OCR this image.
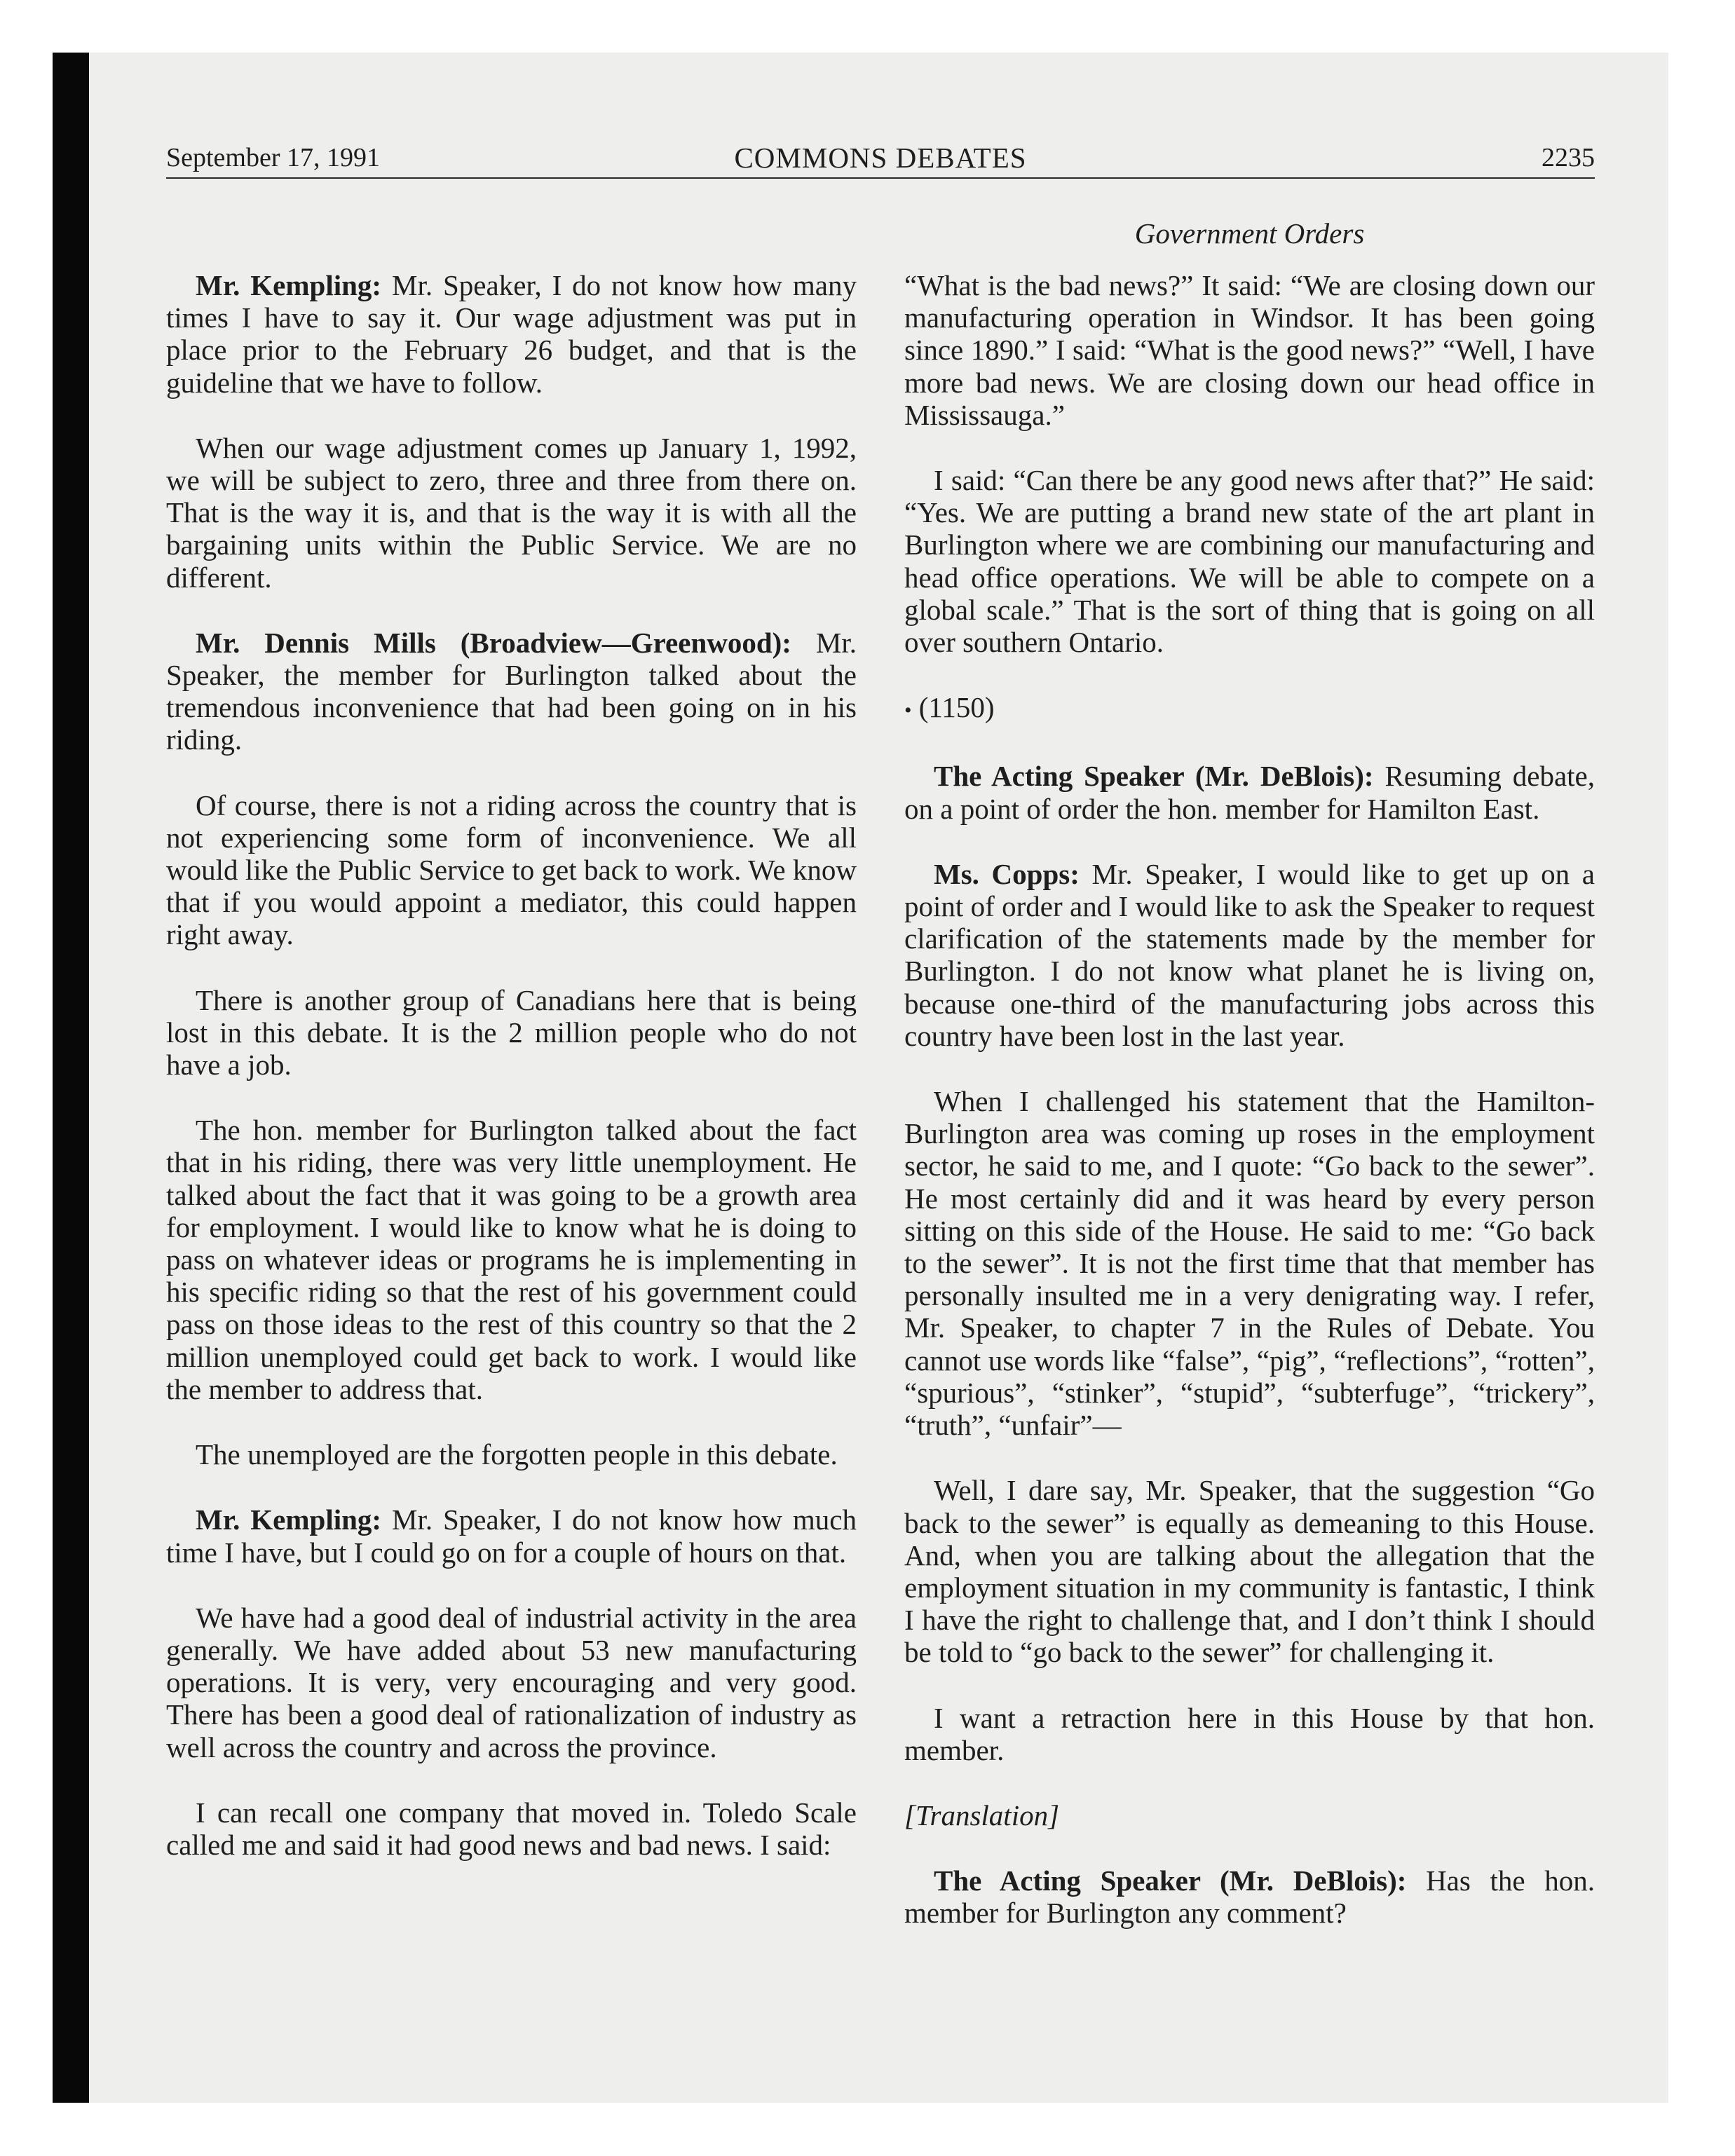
September 17, 1991	COMMONS DEBATES	2235
Government Orders

Mr. Kempling: Mr. Speaker, I do not know how many times I have to say it. Our wage adjustment was put in place prior to the February 26 budget, and that is the guideline that we have to follow.

When our wage adjustment comes up January 1, 1992, we will be subject to zero, three and three from there on. That is the way it is, and that is the way it is with all the bargaining units within the Public Service. We are no different.

Mr. Dennis Mills (Broadview—Greenwood): Mr. Speaker, the member for Burlington talked about the tremendous inconvenience that had been going on in his riding.

Of course, there is not a riding across the country that is not experiencing some form of inconvenience. We all would like the Public Service to get back to work. We know that if you would appoint a mediator, this could happen right away.

There is another group of Canadians here that is being lost in this debate. It is the 2 million people who do not have a job.

The hon. member for Burlington talked about the fact that in his riding, there was very little unemployment. He talked about the fact that it was going to be a growth area for employment. I would like to know what he is doing to pass on whatever ideas or programs he is implementing in his specific riding so that the rest of his government could pass on those ideas to the rest of this country so that the 2 million unemployed could get back to work. I would like the member to address that.

The unemployed are the forgotten people in this debate.

Mr. Kempling: Mr. Speaker, I do not know how much time I have, but I could go on for a couple of hours on that.

We have had a good deal of industrial activity in the area generally. We have added about 53 new manufacturing operations. It is very, very encouraging and very good. There has been a good deal of rationalization of industry as well across the country and across the province.

I can recall one company that moved in. Toledo Scale called me and said it had good news and bad news. I said:

“What is the bad news?” It said: “We are closing down our manufacturing operation in Windsor. It has been going since 1890.” I said: “What is the good news?” “Well, I have more bad news. We are closing down our head office in Mississauga.”

I said: “Can there be any good news after that?” He said: “Yes. We are putting a brand new state of the art plant in Burlington where we are combining our manufacturing and head office operations. We will be able to compete on a global scale.” That is the sort of thing that is going on all over southern Ontario.

• (1150)

The Acting Speaker (Mr. DeBlois): Resuming debate, on a point of order the hon. member for Hamilton East.

Ms. Copps: Mr. Speaker, I would like to get up on a point of order and I would like to ask the Speaker to request clarification of the statements made by the member for Burlington. I do not know what planet he is living on, because one-third of the manufacturing jobs across this country have been lost in the last year.

When I challenged his statement that the Hamilton-Burlington area was coming up roses in the employment sector, he said to me, and I quote: “Go back to the sewer”. He most certainly did and it was heard by every person sitting on this side of the House. He said to me: “Go back to the sewer”. It is not the first time that that member has personally insulted me in a very denigrating way. I refer, Mr. Speaker, to chapter 7 in the Rules of Debate. You cannot use words like “false”, “pig”, “reflections”, “rotten”, “spurious”, “stinker”, “stupid”, “subterfuge”, “trickery”, “truth”, “unfair”—

Well, I dare say, Mr. Speaker, that the suggestion “Go back to the sewer” is equally as demeaning to this House. And, when you are talking about the allegation that the employment situation in my community is fantastic, I think I have the right to challenge that, and I don’t think I should be told to “go back to the sewer” for challenging it.

I want a retraction here in this House by that hon. member.

[Translation]

The Acting Speaker (Mr. DeBlois): Has the hon. member for Burlington any comment?
